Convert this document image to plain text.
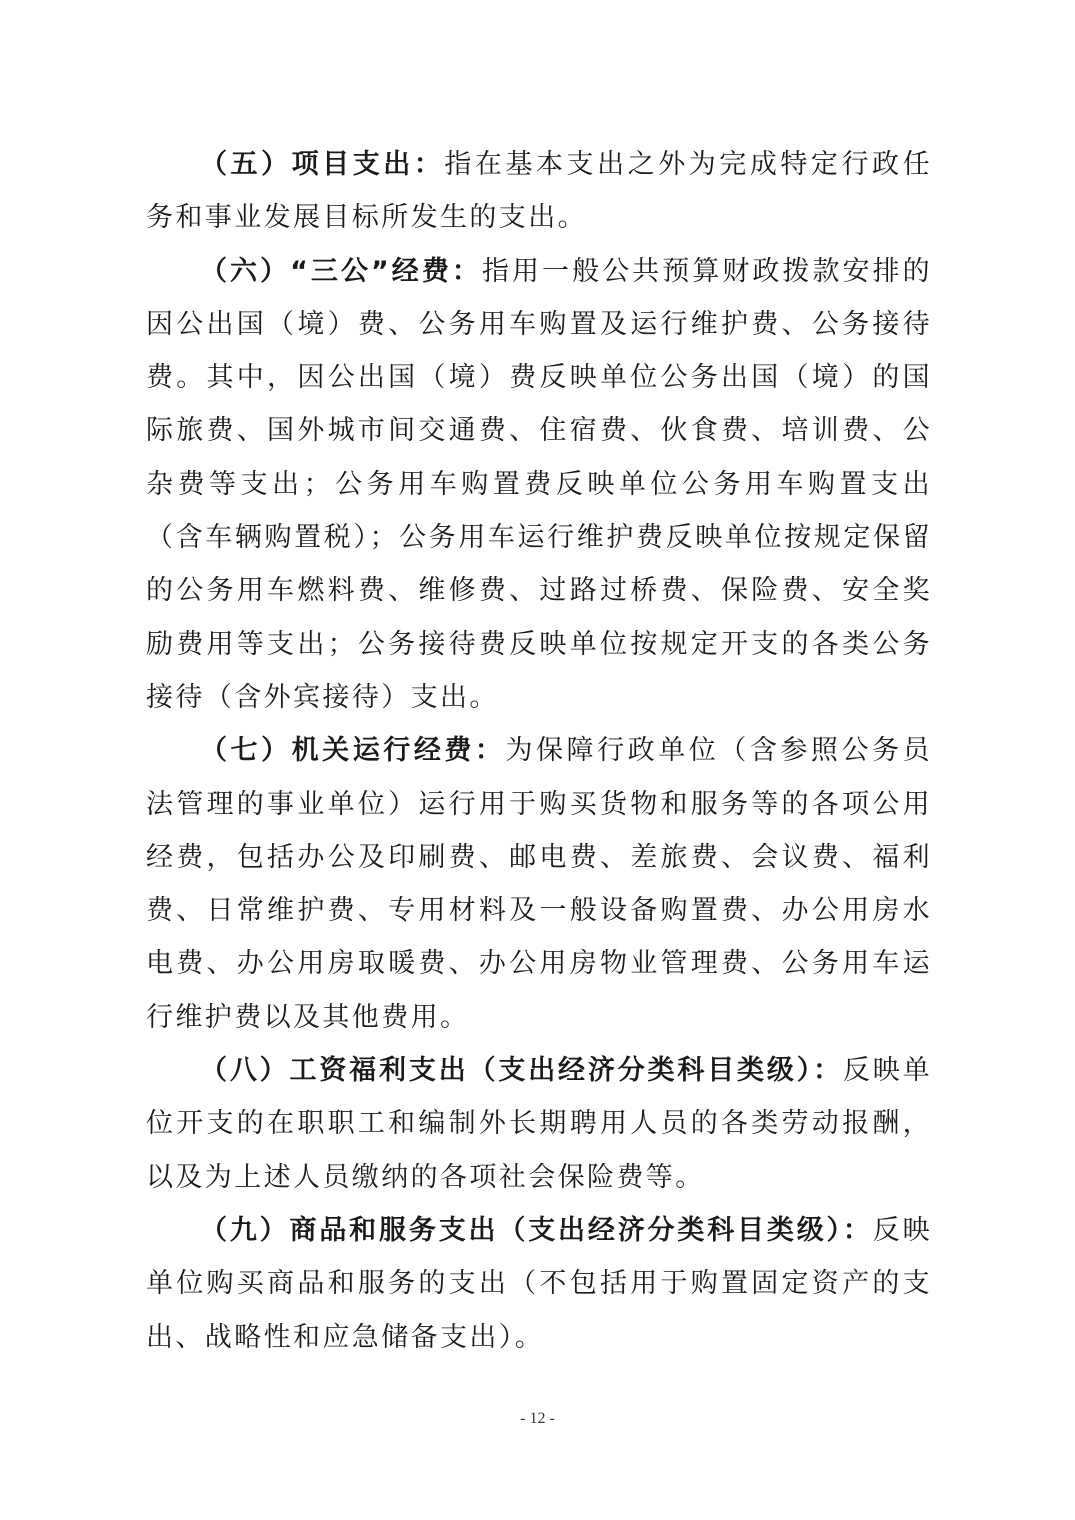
（五）项目支出：指在基本支出之外为完成特定行政任务和事业发展目标所发生的支出。

（六）“三公”经费：指用一般公共预算财政拨款安排的因公出国（境）费、公务用车购置及运行维护费、公务接待费。其中，因公出国（境）费反映单位公务出国（境）的国际旅费、国外城市间交通费、住宿费、伙食费、培训费、公杂费等支出；公务用车购置费反映单位公务用车购置支出（含车辆购置税）；公务用车运行维护费反映单位按规定保留的公务用车燃料费、维修费、过路过桥费、保险费、安全奖励费用等支出；公务接待费反映单位按规定开支的各类公务接待（含外宾接待）支出。

（七）机关运行经费：为保障行政单位（含参照公务员法管理的事业单位）运行用于购买货物和服务等的各项公用经费，包括办公及印刷费、邮电费、差旅费、会议费、福利费、日常维护费、专用材料及一般设备购置费、办公用房水电费、办公用房取暖费、办公用房物业管理费、公务用车运行维护费以及其他费用。

（八）工资福利支出（支出经济分类科目类级）：反映单位开支的在职职工和编制外长期聘用人员的各类劳动报酬，以及为上述人员缴纳的各项社会保险费等。

（九）商品和服务支出（支出经济分类科目类级）：反映单位购买商品和服务的支出（不包括用于购置固定资产的支出、战略性和应急储备支出）。

- 12 -
